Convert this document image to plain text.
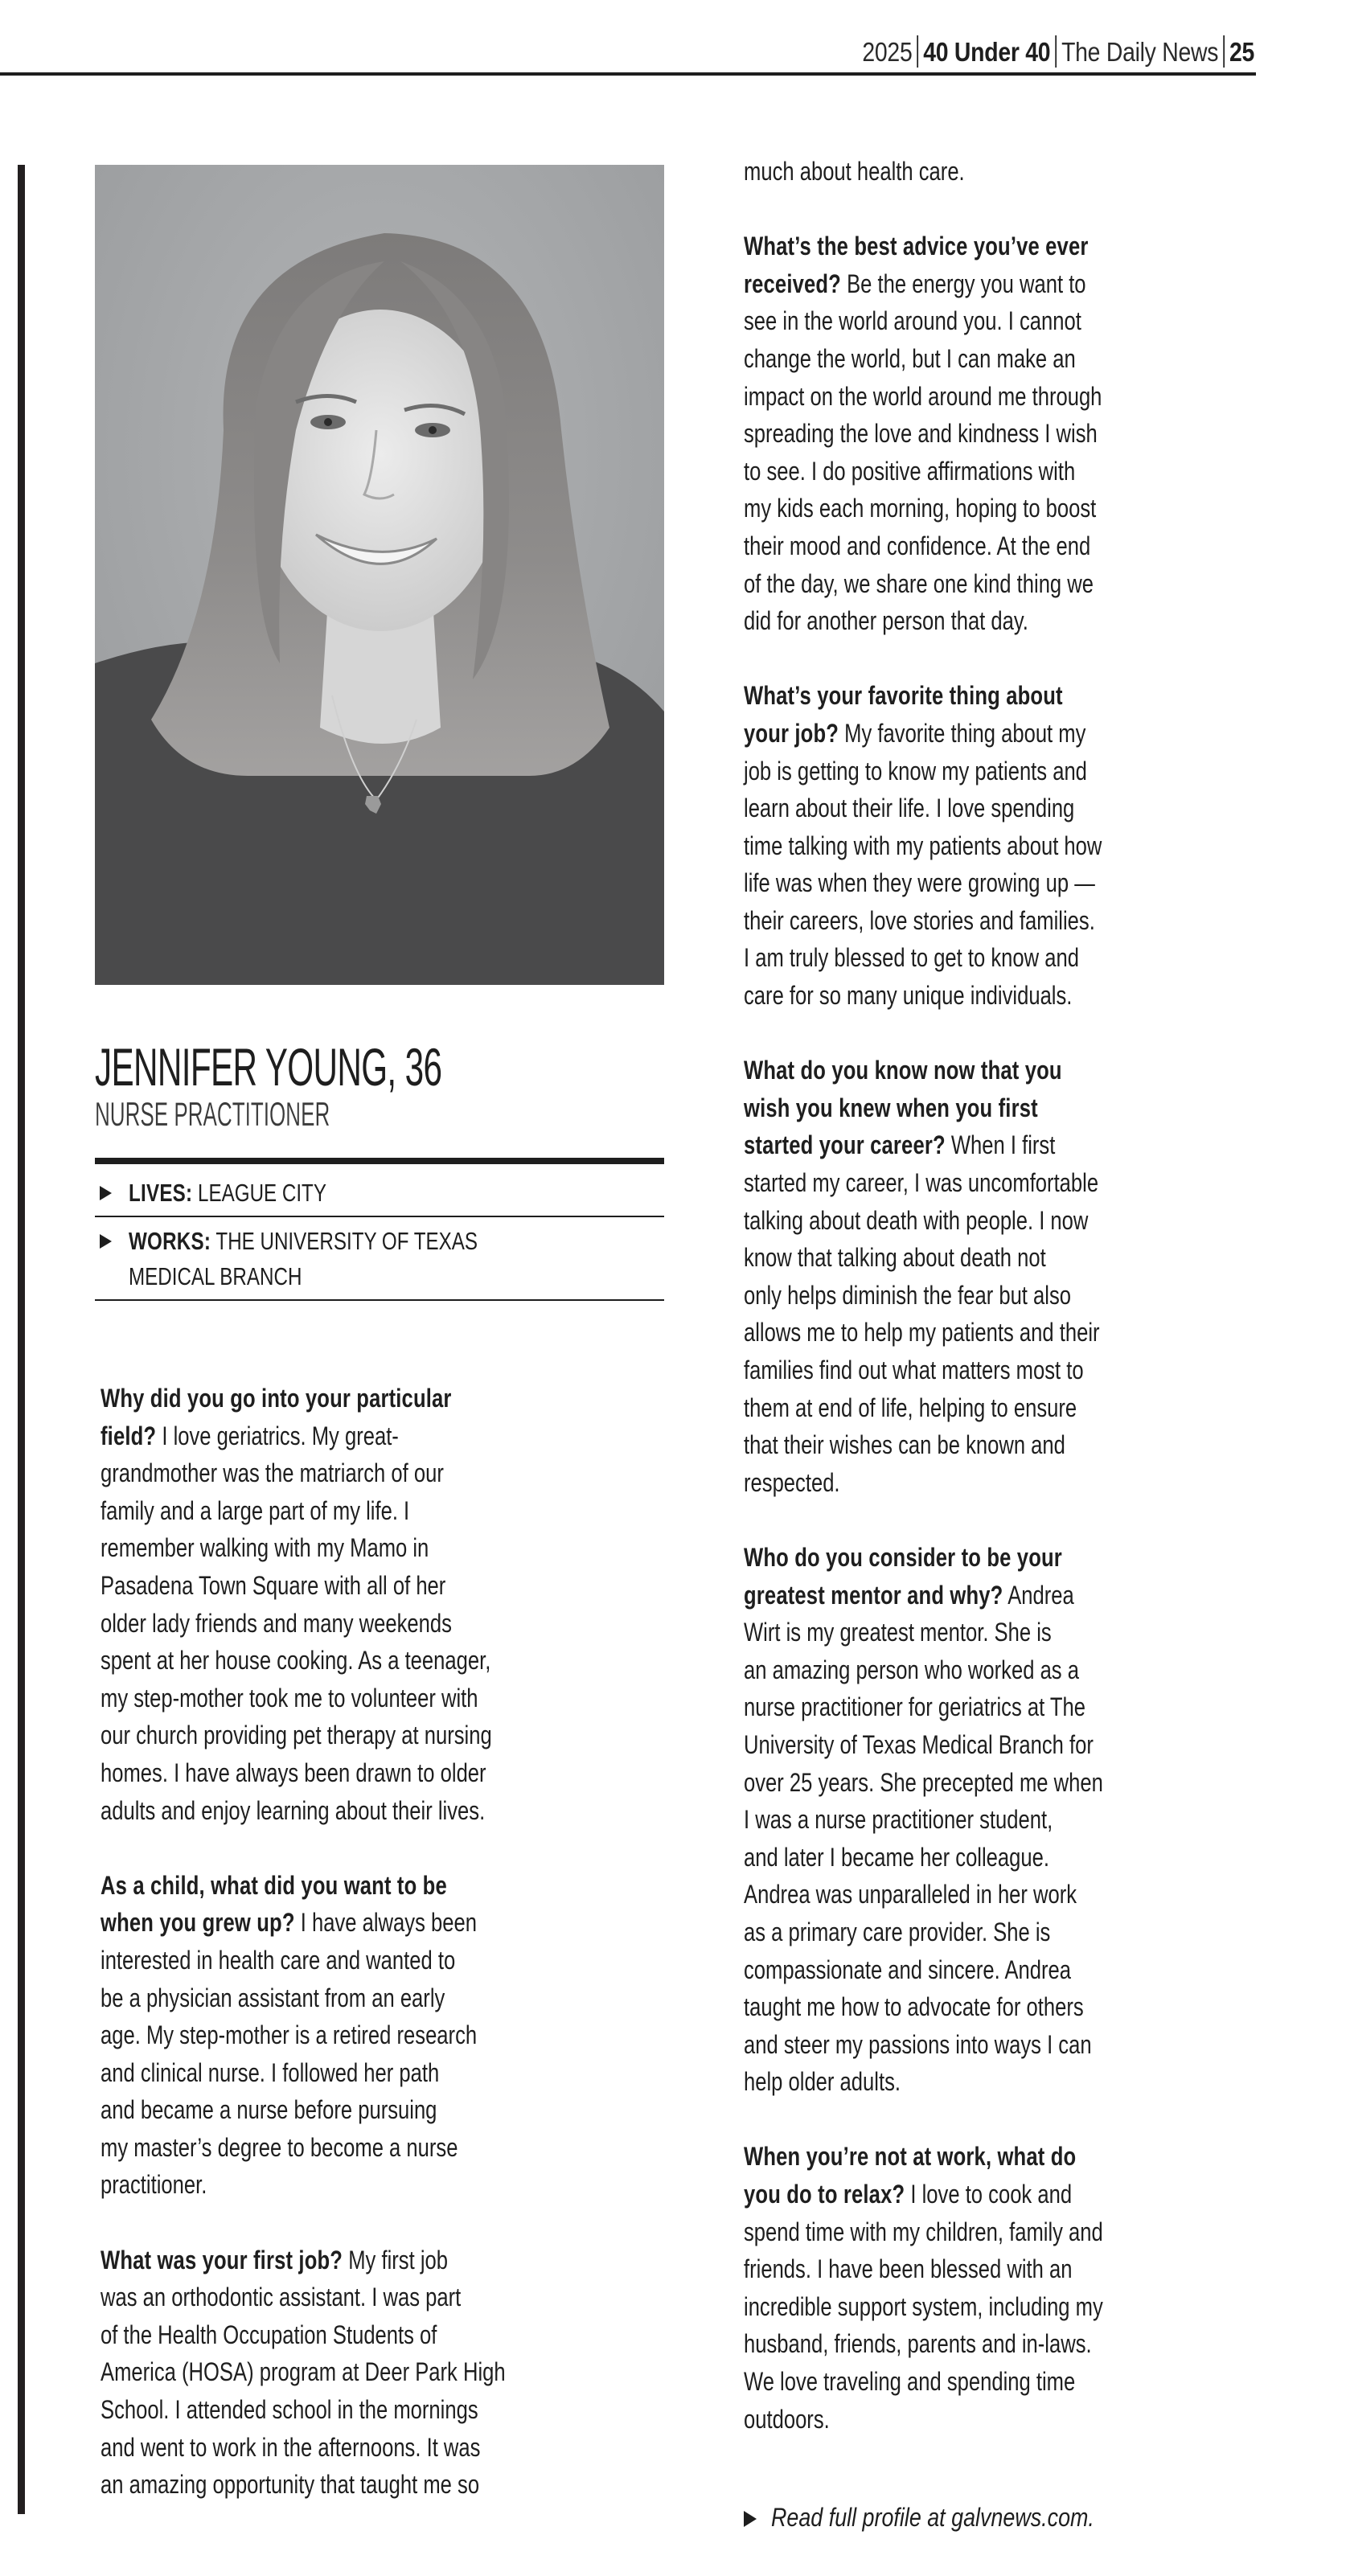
2025 40 Under 40 The Daily News 25
JENNIFER YOUNG, 36
NURSE PRACTITIONER
LIVES: LEAGUE CITY
WORKS: THE UNIVERSITY OF TEXAS
MEDICAL BRANCH

Why did you go into your particular
field? I love geriatrics. My great-
grandmother was the matriarch of our
family and a large part of my life. I
remember walking with my Mamo in
Pasadena Town Square with all of her
older lady friends and many weekends
spent at her house cooking. As a teenager,
my step-mother took me to volunteer with
our church providing pet therapy at nursing
homes. I have always been drawn to older
adults and enjoy learning about their lives.

As a child, what did you want to be
when you grew up? I have always been
interested in health care and wanted to
be a physician assistant from an early
age. My step-mother is a retired research
and clinical nurse. I followed her path
and became a nurse before pursuing
my master’s degree to become a nurse
practitioner.

What was your first job? My first job
was an orthodontic assistant. I was part
of the Health Occupation Students of
America (HOSA) program at Deer Park High
School. I attended school in the mornings
and went to work in the afternoons. It was
an amazing opportunity that taught me so

much about health care.

What’s the best advice you’ve ever
received? Be the energy you want to
see in the world around you. I cannot
change the world, but I can make an
impact on the world around me through
spreading the love and kindness I wish
to see. I do positive affirmations with
my kids each morning, hoping to boost
their mood and confidence. At the end
of the day, we share one kind thing we
did for another person that day.

What’s your favorite thing about
your job? My favorite thing about my
job is getting to know my patients and
learn about their life. I love spending
time talking with my patients about how
life was when they were growing up —
their careers, love stories and families.
I am truly blessed to get to know and
care for so many unique individuals.

What do you know now that you
wish you knew when you first
started your career? When I first
started my career, I was uncomfortable
talking about death with people. I now
know that talking about death not
only helps diminish the fear but also
allows me to help my patients and their
families find out what matters most to
them at end of life, helping to ensure
that their wishes can be known and
respected.

Who do you consider to be your
greatest mentor and why? Andrea
Wirt is my greatest mentor. She is
an amazing person who worked as a
nurse practitioner for geriatrics at The
University of Texas Medical Branch for
over 25 years. She precepted me when
I was a nurse practitioner student,
and later I became her colleague.
Andrea was unparalleled in her work
as a primary care provider. She is
compassionate and sincere. Andrea
taught me how to advocate for others
and steer my passions into ways I can
help older adults.

When you’re not at work, what do
you do to relax? I love to cook and
spend time with my children, family and
friends. I have been blessed with an
incredible support system, including my
husband, friends, parents and in-laws.
We love traveling and spending time
outdoors.

Read full profile at galvnews.com.
